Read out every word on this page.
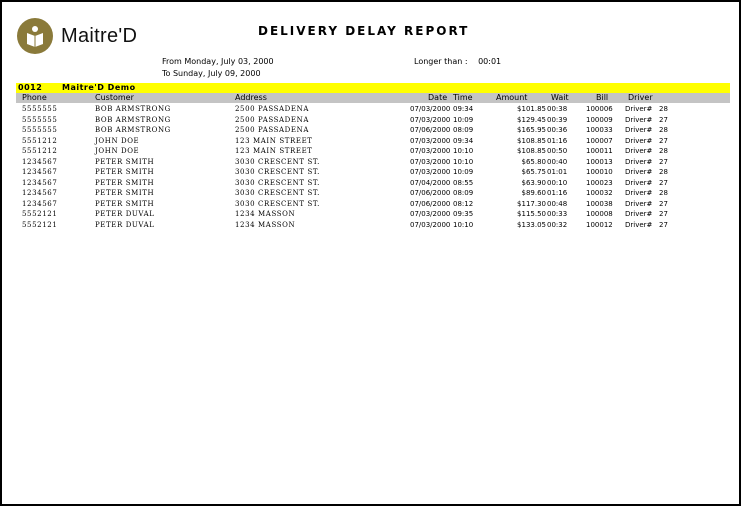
Maitre'D	DELIVERY DELAY REPORT
From Monday, July 03, 2000
To Sunday, July 09, 2000
Longer than : 00:01
0012 Maitre'D Demo
Phone	Customer	Address	Date Time	Amount	Wait	Bill Driver
5555555	BOB ARMSTRONG	2500 PASSADENA	07/03/2000 09:34	$101.85 00:38	100006 Driver# 28
5555555	BOB ARMSTRONG	2500 PASSADENA	07/03/2000 10:09	$129.45 00:39	100009 Driver# 27
5555555	BOB ARMSTRONG	2500 PASSADENA	07/06/2000 08:09	$165.95 00:36	100033 Driver# 28
5551212	JOHN DOE	123 MAIN STREET	07/03/2000 09:34	$108.85 01:16	100007 Driver# 27
5551212	JOHN DOE	123 MAIN STREET	07/03/2000 10:10	$108.85 00:50	100011 Driver# 28
1234567	PETER SMITH	3030 CRESCENT ST.	07/03/2000 10:10	$65.80 00:40	100013 Driver# 27
1234567	PETER SMITH	3030 CRESCENT ST.	07/03/2000 10:09	$65.75 01:01	100010 Driver# 28
1234567	PETER SMITH	3030 CRESCENT ST.	07/04/2000 08:55	$63.90 00:10	100023 Driver# 27
1234567	PETER SMITH	3030 CRESCENT ST.	07/06/2000 08:09	$89.60 01:16	100032 Driver# 28
1234567	PETER SMITH	3030 CRESCENT ST.	07/06/2000 08:12	$117.30 00:48	100038 Driver# 27
5552121	PETER DUVAL	1234 MASSON	07/03/2000 09:35	$115.50 00:33	100008 Driver# 27
5552121	PETER DUVAL	1234 MASSON	07/03/2000 10:10	$133.05 00:32	100012 Driver# 27
